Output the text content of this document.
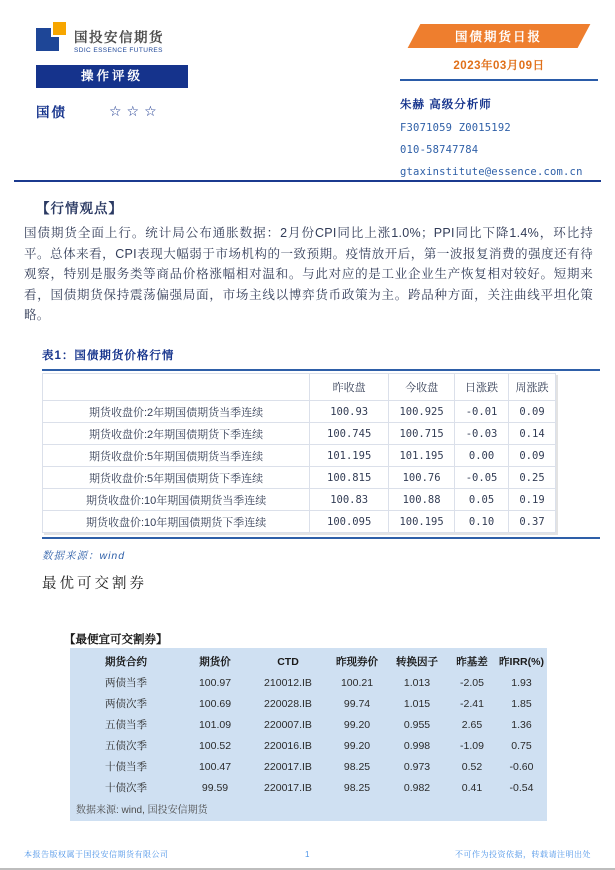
国投安信期货
SDIC ESSENCE FUTURES
操作评级
国债	☆☆☆
国债期货日报
2023年03月09日
朱赫 高级分析师
F3071059 Z0015192
010-58747784
gtaxinstitute@essence.com.cn
【行情观点】
国债期货全面上行。统计局公布通胀数据：2月份CPI同比上涨1.0%；PPI同比下降1.4%，环比持平。总体来看，CPI表现大幅弱于市场机构的一致预期。疫情放开后，第一波报复消费的强度还有待观察，特别是服务类等商品价格涨幅相对温和。与此对应的是工业企业生产恢复相对较好。短期来看，国债期货保持震荡偏强局面，市场主线以博弈货币政策为主。跨品种方面，关注曲线平坦化策略。
表1：国债期货价格行情
	昨收盘	今收盘	日涨跌	周涨跌
期货收盘价:2年期国债期货当季连续	100.93	100.925	-0.01	0.09
期货收盘价:2年期国债期货下季连续	100.745	100.715	-0.03	0.14
期货收盘价:5年期国债期货当季连续	101.195	101.195	0.00	0.09
期货收盘价:5年期国债期货下季连续	100.815	100.76	-0.05	0.25
期货收盘价:10年期国债期货当季连续	100.83	100.88	0.05	0.19
期货收盘价:10年期国债期货下季连续	100.095	100.195	0.10	0.37
数据来源：wind
最优可交割券
【最便宜可交割券】
期货合约	期货价	CTD	昨现券价	转换因子	昨基差	昨IRR(%)
两债当季	100.97	210012.IB	100.21	1.013	-2.05	1.93
两债次季	100.69	220028.IB	99.74	1.015	-2.41	1.85
五债当季	101.09	220007.IB	99.20	0.955	2.65	1.36
五债次季	100.52	220016.IB	99.20	0.998	-1.09	0.75
十债当季	100.47	220017.IB	98.25	0.973	0.52	-0.60
十债次季	99.59	220017.IB	98.25	0.982	0.41	-0.54
数据来源: wind, 国投安信期货
本报告版权属于国投安信期货有限公司	1	不可作为投资依据，转载请注明出处
